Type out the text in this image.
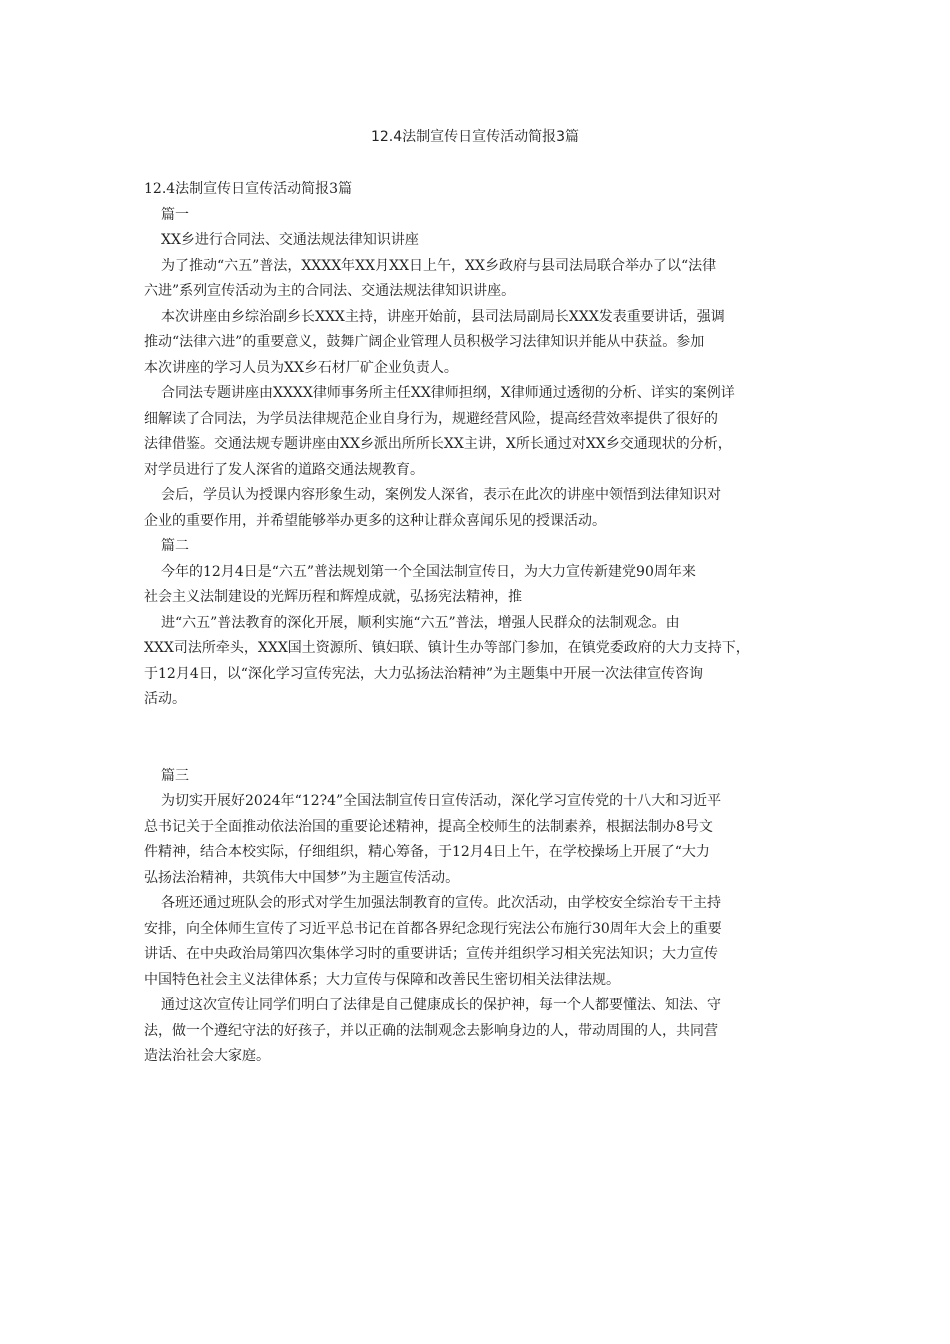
12.4法制宣传日宣传活动简报3篇

12.4法制宣传日宣传活动简报3篇

篇一

XX乡进行合同法、交通法规法律知识讲座

为了推动“六五”普法，XXXX年XX月XX日上午，XX乡政府与县司法局联合举办了以“法律

六进”系列宣传活动为主的合同法、交通法规法律知识讲座。

本次讲座由乡综治副乡长XXX主持，讲座开始前，县司法局副局长XXX发表重要讲话，强调

推动“法律六进”的重要意义，鼓舞广阔企业管理人员积极学习法律知识并能从中获益。参加

本次讲座的学习人员为XX乡石材厂矿企业负责人。

合同法专题讲座由XXXX律师事务所主任XX律师担纲，X律师通过透彻的分析、详实的案例详

细解读了合同法，为学员法律规范企业自身行为，规避经营风险，提高经营效率提供了很好的

法律借鉴。交通法规专题讲座由XX乡派出所所长XX主讲，X所长通过对XX乡交通现状的分析，

对学员进行了发人深省的道路交通法规教育。

会后，学员认为授课内容形象生动，案例发人深省，表示在此次的讲座中领悟到法律知识对

企业的重要作用，并希望能够举办更多的这种让群众喜闻乐见的授课活动。

篇二

今年的12月4日是“六五”普法规划第一个全国法制宣传日，为大力宣传新建党90周年来

社会主义法制建设的光辉历程和辉煌成就，弘扬宪法精神，推

进“六五”普法教育的深化开展，顺利实施“六五”普法，增强人民群众的法制观念。由

XXX司法所牵头，XXX国土资源所、镇妇联、镇计生办等部门参加，在镇党委政府的大力支持下，

于12月4日，以“深化学习宣传宪法，大力弘扬法治精神”为主题集中开展一次法律宣传咨询

活动。

篇三

为切实开展好2024年“12?4”全国法制宣传日宣传活动，深化学习宣传党的十八大和习近平

总书记关于全面推动依法治国的重要论述精神，提高全校师生的法制素养，根据法制办8号文

件精神，结合本校实际，仔细组织，精心筹备，于12月4日上午，在学校操场上开展了“大力

弘扬法治精神，共筑伟大中国梦”为主题宣传活动。

各班还通过班队会的形式对学生加强法制教育的宣传。此次活动，由学校安全综治专干主持

安排，向全体师生宣传了习近平总书记在首都各界纪念现行宪法公布施行30周年大会上的重要

讲话、在中央政治局第四次集体学习时的重要讲话；宣传并组织学习相关宪法知识；大力宣传

中国特色社会主义法律体系；大力宣传与保障和改善民生密切相关法律法规。

通过这次宣传让同学们明白了法律是自己健康成长的保护神，每一个人都要懂法、知法、守

法，做一个遵纪守法的好孩子，并以正确的法制观念去影响身边的人，带动周围的人，共同营

造法治社会大家庭。
